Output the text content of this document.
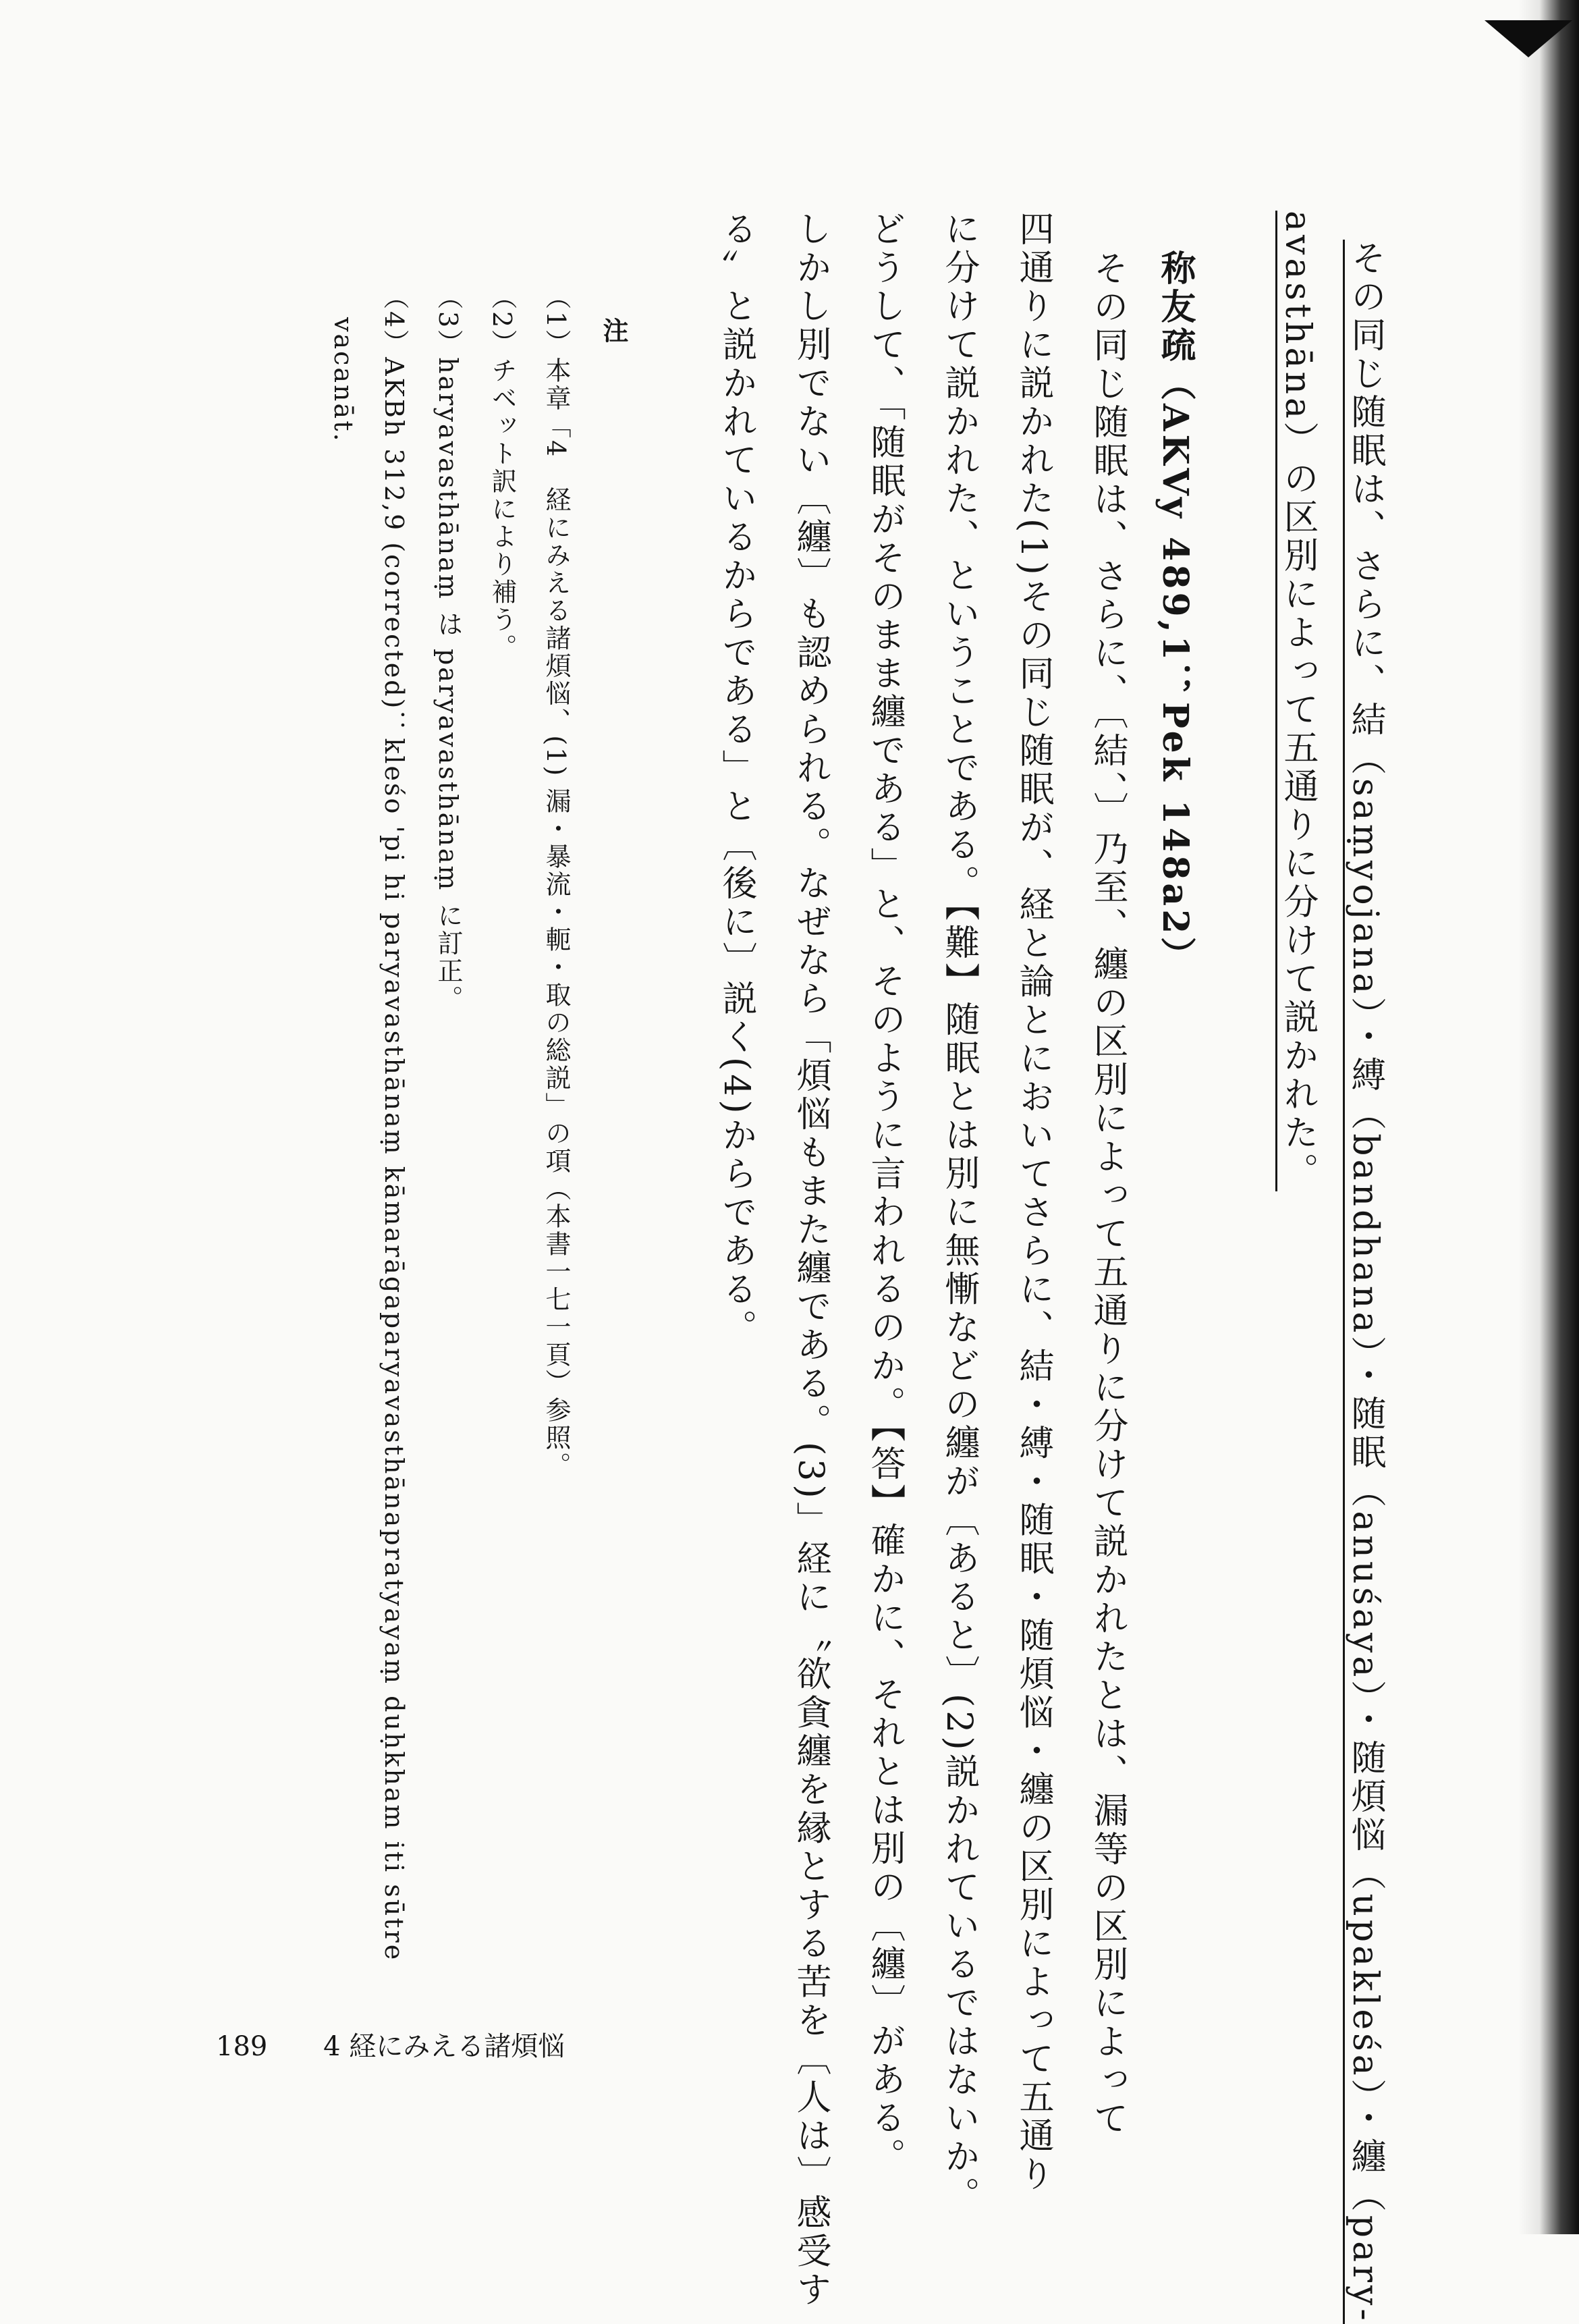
その同じ随眠は、さらに、結（saṃyojana）・縛（bandhana）・随眠（anuśaya）・随煩悩（upakleśa）・纏（pary-

avasthāna）の区別によって五通りに分けて説かれた。

称友疏（AKVy 489,1；Pek 148a2）

その同じ随眠は、さらに、〔結、〕乃至、纏の区別によって五通りに分けて説かれたとは、漏等の区別によって

四通りに説かれた(1)その同じ随眠が、経と論とにおいてさらに、結・縛・随眠・随煩悩・纏の区別によって五通り

に分けて説かれた、ということである。【難】随眠とは別に無慚などの纏が〔あると〕(2)説かれているではないか。

どうして、「随眠がそのまま纏である」と、そのように言われるのか。【答】確かに、それとは別の〔纏〕がある。

しかし別でない〔纏〕も認められる。なぜなら「煩悩もまた纏である。(3)」経に〝欲貪纏を縁とする苦を〔人は〕感受す

る〟と説かれているからである」と〔後に〕説く(4)からである。

注

（1）本章「4　経にみえる諸煩悩、(1) 漏・暴流・軛・取の総説」の項（本書一七一頁）参照。

（2）チベット訳により補う。

（3）haryavasthānaṃ は paryavasthānaṃ に訂正。

（4）AKBh 312,9 (corrected)：kleśo 'pi hi paryavasthānaṃ kāmarāgaparyavasthānapratyayaṃ duḥkham iti sūtre

vacanāt.

189 4 経にみえる諸煩悩
